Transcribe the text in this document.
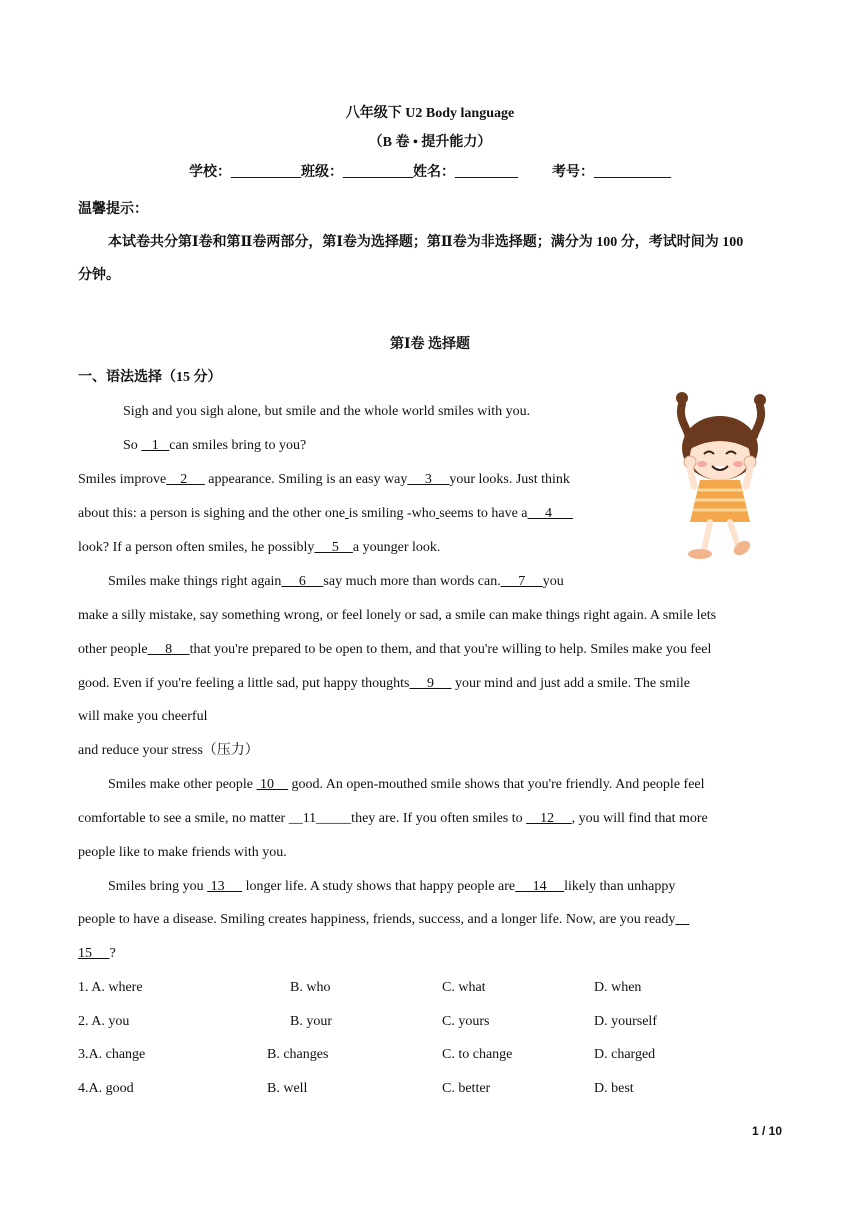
八年级下 U2 Body language
（B 卷 • 提升能力）
学校：__________班级：__________姓名：_________ 考号：___________
温馨提示：
本试卷共分第Ⅰ卷和第Ⅱ卷两部分，第Ⅰ卷为选择题；第Ⅱ卷为非选择题；满分为 100 分，考试时间为 100
分钟。
第Ⅰ卷 选择题
一、语法选择（15 分）
Sigh and you sigh alone, but smile and the whole world smiles with you.
So    1   can smiles bring to you?
Smiles improve    2      appearance. Smiling is an easy way     3     your looks. Just think
about this: a person is sighing and the other one is smiling -who seems to have a     4
look? If a person often smiles, he possibly     5    a younger look.
Smiles make things right again     6     say much more than words can.     7     you
make a silly mistake, say something wrong, or feel lonely or sad, a smile can make things right again. A smile lets
other people     8     that you're prepared to be open to them, and that you're willing to help. Smiles make you feel
good. Even if you're feeling a little sad, put happy thoughts     9      your mind and just add a smile. The smile
will make you cheerful
and reduce your stress（压力）
Smiles make other people  10     good. An open-mouthed smile shows that you're friendly. And people feel
comfortable to see a smile, no matter __11_____they are. If you often smiles to     12     , you will find that more
people like to make friends with you.
Smiles bring you  13      longer life. A study shows that happy people are     14     likely than unhappy
people to have a disease. Smiling creates happiness, friends, success, and a longer life. Now, are you ready
15     ?
1. A. where	B. who	C. what	D. when
2. A. you	B. your	C. yours	D. yourself
3.A. change	B. changes	C. to change	D. charged
4.A. good	B. well	C. better	D. best
1 / 10
